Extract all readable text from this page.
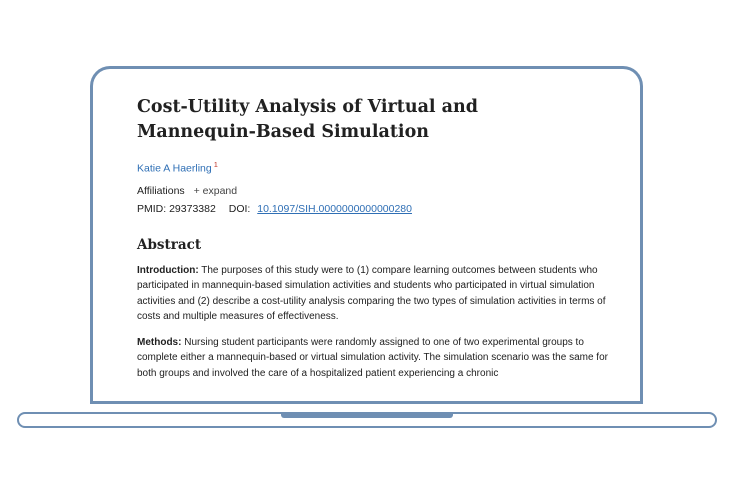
Cost-Utility Analysis of Virtual and Mannequin-Based Simulation
Katie A Haerling $^1$
Affiliations + expand
PMID: 29373382 DOI: 10.1097/SIH.0000000000000280
Abstract

Introduction: The purposes of this study were to (1) compare learning outcomes between students who participated in mannequin-based simulation activities and students who participated in virtual simulation activities and (2) describe a cost-utility analysis comparing the two types of simulation activities in terms of costs and multiple measures of effectiveness.

Methods: Nursing student participants were randomly assigned to one of two experimental groups to complete either a mannequin-based or virtual simulation activity. The simulation scenario was the same for both groups and involved the care of a hospitalized patient experiencing a chronic
